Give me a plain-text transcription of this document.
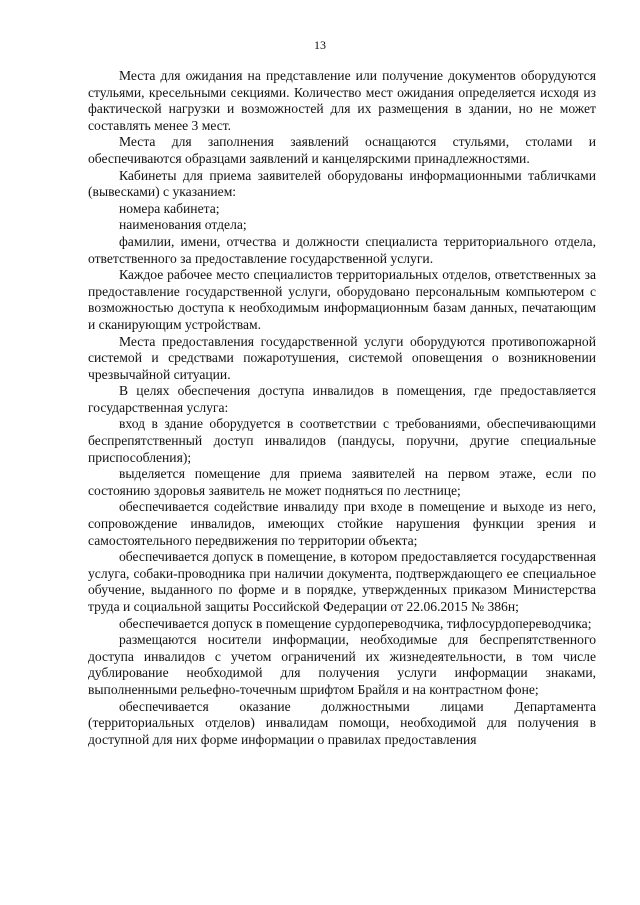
13

Места для ожидания на представление или получение документов оборудуются стульями, кресельными секциями. Количество мест ожидания определяется исходя из фактической нагрузки и возможностей для их размещения в здании, но не может составлять менее 3 мест.

Места для заполнения заявлений оснащаются стульями, столами и обеспечиваются образцами заявлений и канцелярскими принадлежностями.

Кабинеты для приема заявителей оборудованы информационными табличками (вывесками) с указанием:

номера кабинета;

наименования отдела;

фамилии, имени, отчества и должности специалиста территориального отдела, ответственного за предоставление государственной услуги.

Каждое рабочее место специалистов территориальных отделов, ответственных за предоставление государственной услуги, оборудовано персональным компьютером с возможностью доступа к необходимым информационным базам данных, печатающим и сканирующим устройствам.

Места предоставления государственной услуги оборудуются противопожарной системой и средствами пожаротушения, системой оповещения о возникновении чрезвычайной ситуации.

В целях обеспечения доступа инвалидов в помещения, где предоставляется государственная услуга:

вход в здание оборудуется в соответствии с требованиями, обеспечивающими беспрепятственный доступ инвалидов (пандусы, поручни, другие специальные приспособления);

выделяется помещение для приема заявителей на первом этаже, если по состоянию здоровья заявитель не может подняться по лестнице;

обеспечивается содействие инвалиду при входе в помещение и выходе из него, сопровождение инвалидов, имеющих стойкие нарушения функции зрения и самостоятельного передвижения по территории объекта;

обеспечивается допуск в помещение, в котором предоставляется государственная услуга, собаки-проводника при наличии документа, подтверждающего ее специальное обучение, выданного по форме и в порядке, утвержденных приказом Министерства труда и социальной защиты Российской Федерации от 22.06.2015 № 386н;

обеспечивается допуск в помещение сурдопереводчика, тифлосурдопереводчика;

размещаются носители информации, необходимые для беспрепятственного доступа инвалидов с учетом ограничений их жизнедеятельности, в том числе дублирование необходимой для получения услуги информации знаками, выполненными рельефно-точечным шрифтом Брайля и на контрастном фоне;

обеспечивается оказание должностными лицами Департамента (территориальных отделов) инвалидам помощи, необходимой для получения в доступной для них форме информации о правилах предоставления
